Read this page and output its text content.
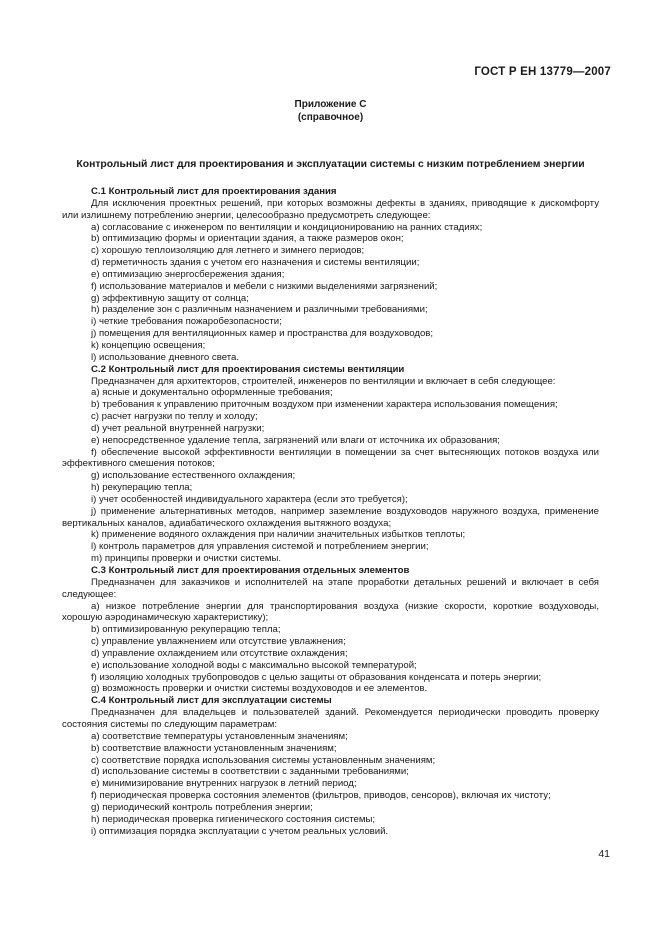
ГОСТ Р ЕН 13779—2007
Приложение С
(справочное)
Контрольный лист для проектирования и эксплуатации системы с низким потреблением энергии
С.1 Контрольный лист для проектирования здания
Для исключения проектных решений, при которых возможны дефекты в зданиях, приводящие к дискомфорту или излишнему потреблению энергии, целесообразно предусмотреть следующее:
a) согласование с инженером по вентиляции и кондиционированию на ранних стадиях;
b) оптимизацию формы и ориентации здания, а также размеров окон;
c) хорошую теплоизоляцию для летнего и зимнего периодов;
d) герметичность здания с учетом его назначения и системы вентиляции;
e) оптимизацию энергосбережения здания;
f) использование материалов и мебели с низкими выделениями загрязнений;
g) эффективную защиту от солнца;
h) разделение зон с различным назначением и различными требованиями;
i) четкие требования пожаробезопасности;
j) помещения для вентиляционных камер и пространства для воздуховодов;
k) концепцию освещения;
l) использование дневного света.
С.2 Контрольный лист для проектирования системы вентиляции
Предназначен для архитекторов, строителей, инженеров по вентиляции и включает в себя следующее:
a) ясные и документально оформленные требования;
b) требования к управлению приточным воздухом при изменении характера использования помещения;
c) расчет нагрузки по теплу и холоду;
d) учет реальной внутренней нагрузки;
e) непосредственное удаление тепла, загрязнений или влаги от источника их образования;
f) обеспечение высокой эффективности вентиляции в помещении за счет вытесняющих потоков воздуха или эффективного смешения потоков;
g) использование естественного охлаждения;
h) рекуперацию тепла;
i) учет особенностей индивидуального характера (если это требуется);
j) применение альтернативных методов, например заземление воздуховодов наружного воздуха, применение вертикальных каналов, адиабатического охлаждения вытяжного воздуха;
k) применение водяного охлаждения при наличии значительных избытков теплоты;
l) контроль параметров для управления системой и потреблением энергии;
m) принципы проверки и очистки системы.
С.3 Контрольный лист для проектирования отдельных элементов
Предназначен для заказчиков и исполнителей на этапе проработки детальных решений и включает в себя следующее:
a) низкое потребление энергии для транспортирования воздуха (низкие скорости, короткие воздуховоды, хорошую аэродинамическую характеристику);
b) оптимизированную рекуперацию тепла;
c) управление увлажнением или отсутствие увлажнения;
d) управление охлаждением или отсутствие охлаждения;
e) использование холодной воды с максимально высокой температурой;
f) изоляцию холодных трубопроводов с целью защиты от образования конденсата и потерь энергии;
g) возможность проверки и очистки системы воздуховодов и ее элементов.
С.4 Контрольный лист для эксплуатации системы
Предназначен для владельцев и пользователей зданий. Рекомендуется периодически проводить проверку состояния системы по следующим параметрам:
a) соответствие температуры установленным значениям;
b) соответствие влажности установленным значениям;
c) соответствие порядка использования системы установленным значениям;
d) использование системы в соответствии с заданными требованиями;
e) минимизирование внутренних нагрузок в летний период;
f) периодическая проверка состояния элементов (фильтров, приводов, сенсоров), включая их чистоту;
g) периодический контроль потребления энергии;
h) периодическая проверка гигиенического состояния системы;
i) оптимизация порядка эксплуатации с учетом реальных условий.
41
